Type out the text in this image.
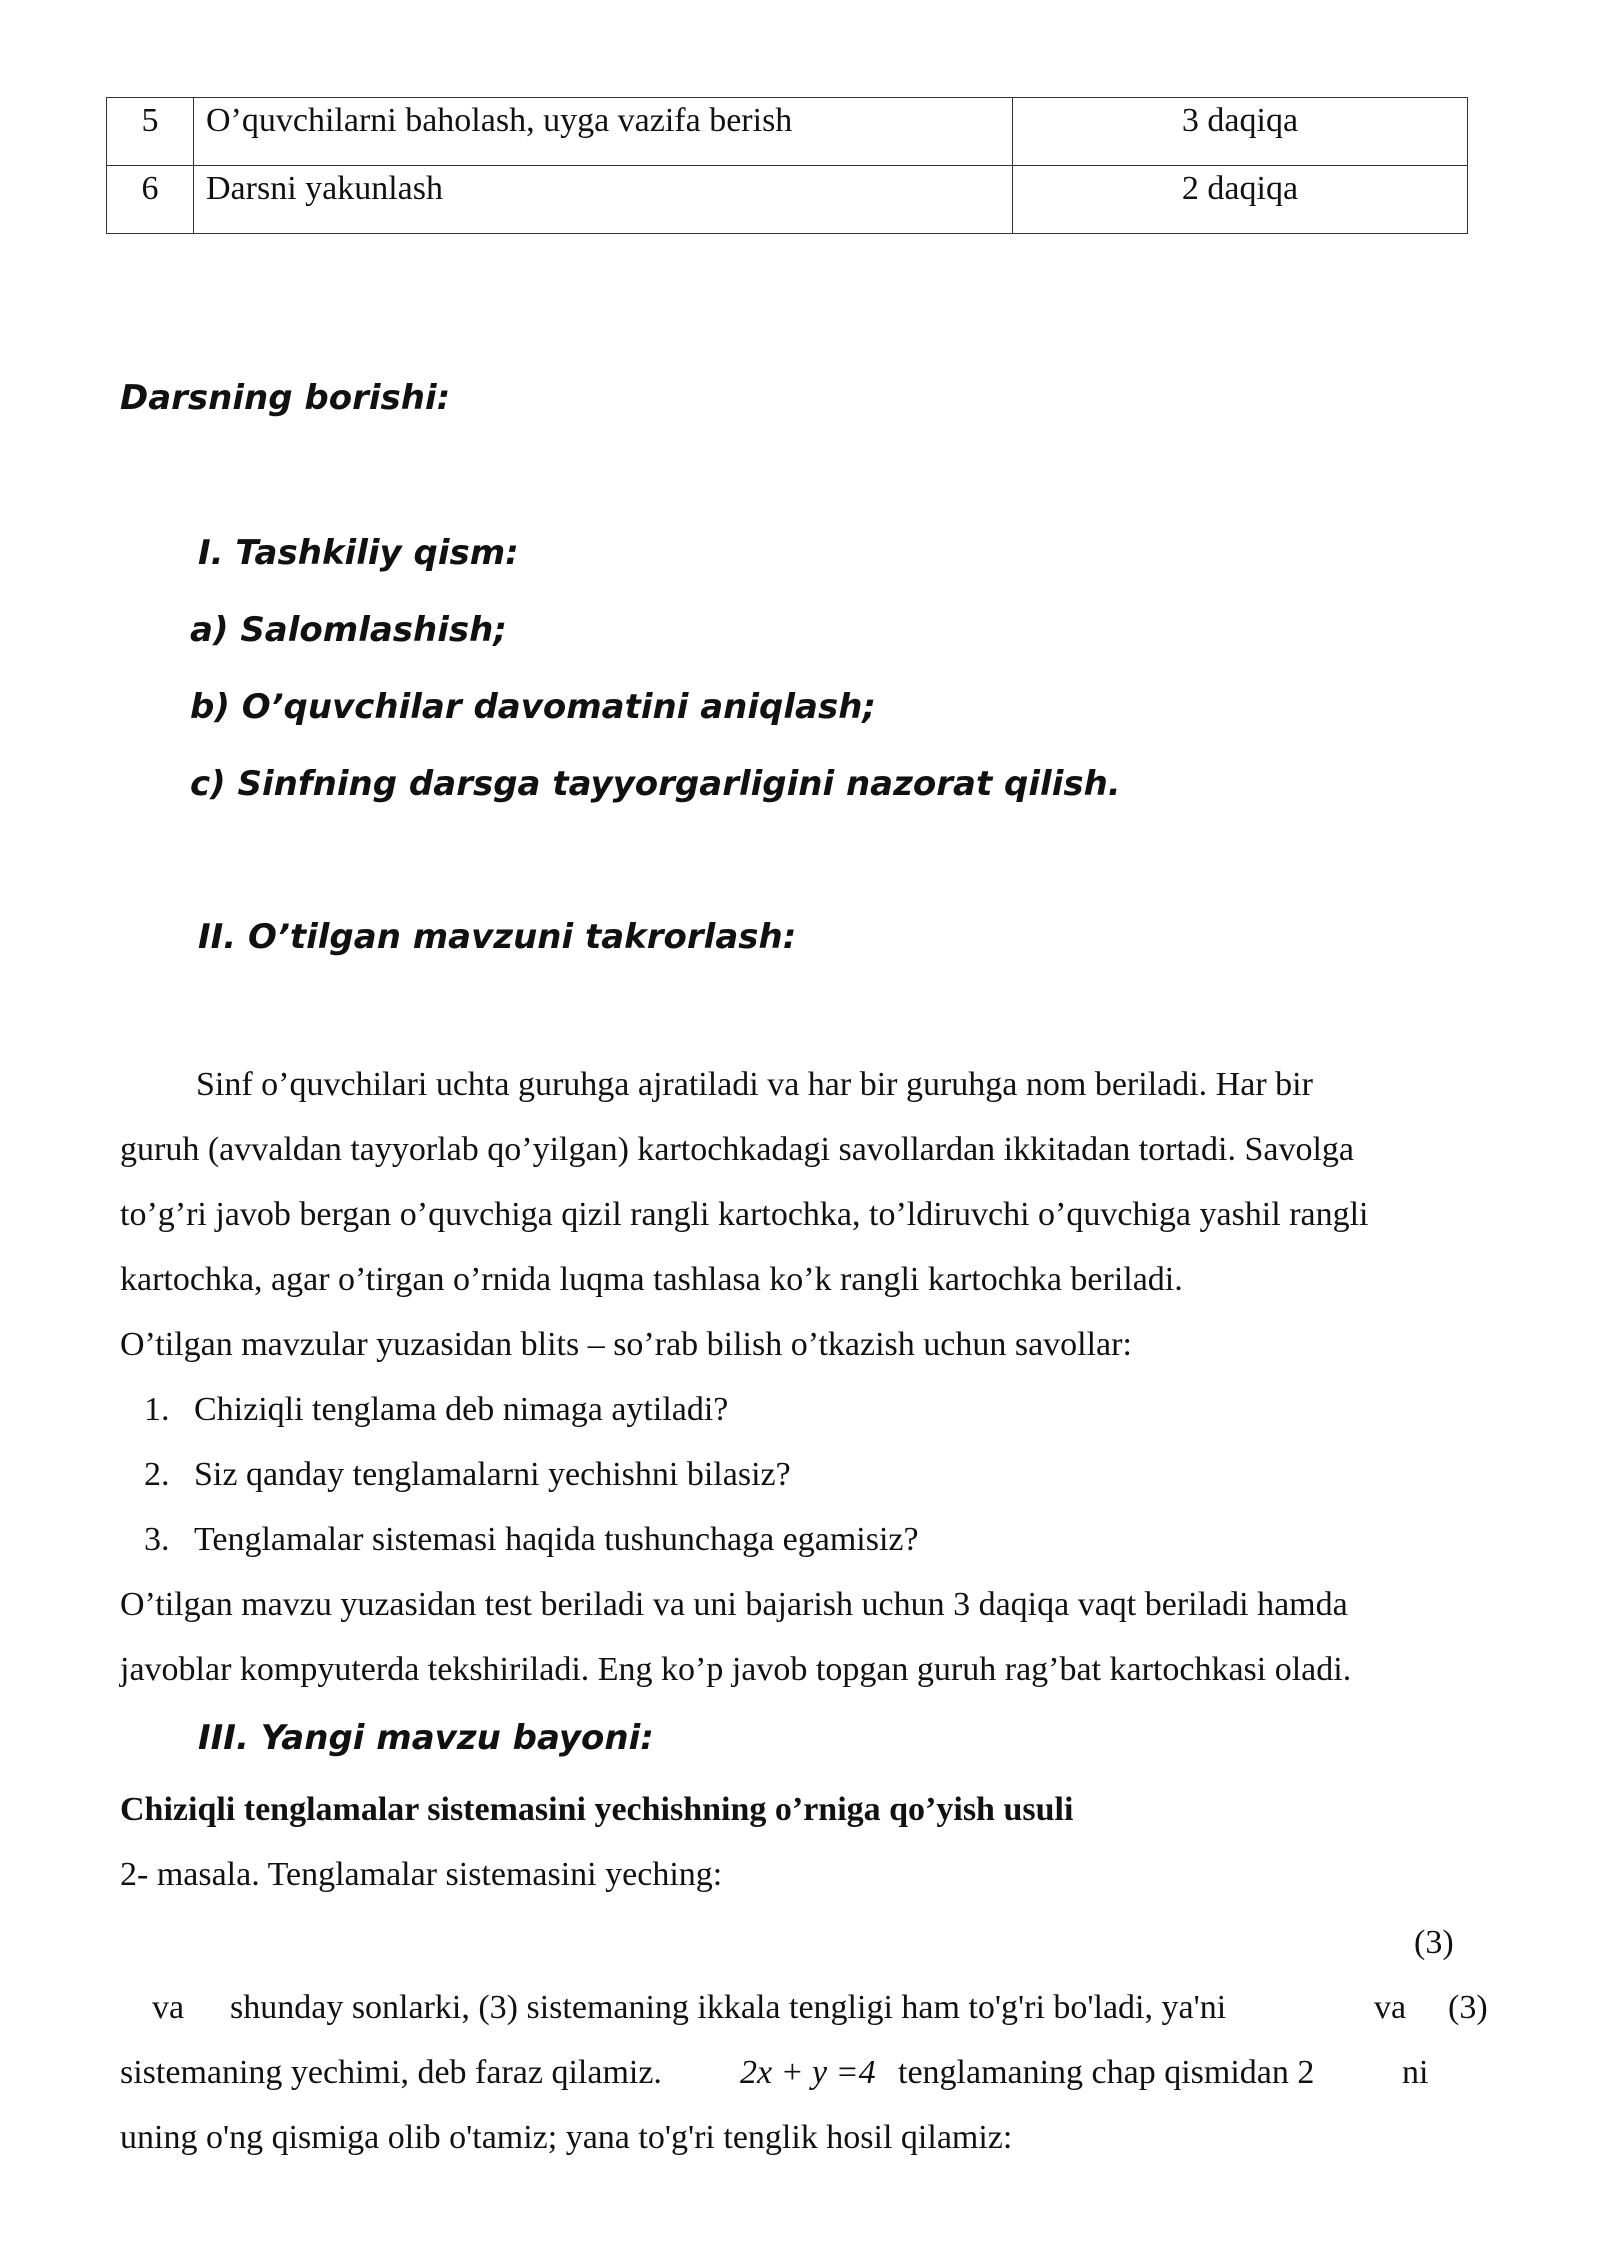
5	O’quvchilarni baholash, uyga vazifa berish	3 daqiqa
6	Darsni yakunlash	2 daqiqa
Darsning borishi:
I. Tashkiliy qism:
a) Salomlashish;
b) O’quvchilar davomatini aniqlash;
c) Sinfning darsga tayyorgarligini nazorat qilish.
II. O’tilgan mavzuni takrorlash:
Sinf o’quvchilari uchta guruhga ajratiladi va har bir guruhga nom beriladi. Har bir
guruh (avvaldan tayyorlab qo’yilgan) kartochkadagi savollardan ikkitadan tortadi. Savolga
to’g’ri javob bergan o’quvchiga qizil rangli kartochka, to’ldiruvchi o’quvchiga yashil rangli
kartochka, agar o’tirgan o’rnida luqma tashlasa ko’k rangli kartochka beriladi.
O’tilgan mavzular yuzasidan blits – so’rab bilish o’tkazish uchun savollar:
1. Chiziqli tenglama deb nimaga aytiladi?
2. Siz qanday tenglamalarni yechishni bilasiz?
3. Tenglamalar sistemasi haqida tushunchaga egamisiz?
O’tilgan mavzu yuzasidan test beriladi va uni bajarish uchun 3 daqiqa vaqt beriladi hamda
javoblar kompyuterda tekshiriladi. Eng ko’p javob topgan guruh rag’bat kartochkasi oladi.
III. Yangi mavzu bayoni:
Chiziqli tenglamalar sistemasini yechishning o’rniga qo’yish usuli
2- masala. Tenglamalar sistemasini yeching:
(3)
va shunday sonlarki, (3) sistemaning ikkala tengligi ham to'g'ri bo'ladi, ya'ni	va (3)
sistemaning yechimi, deb faraz qilamiz. 2x + y =4 tenglamaning chap qismidan 2	ni
uning o'ng qismiga olib o'tamiz; yana to'g'ri tenglik hosil qilamiz:
